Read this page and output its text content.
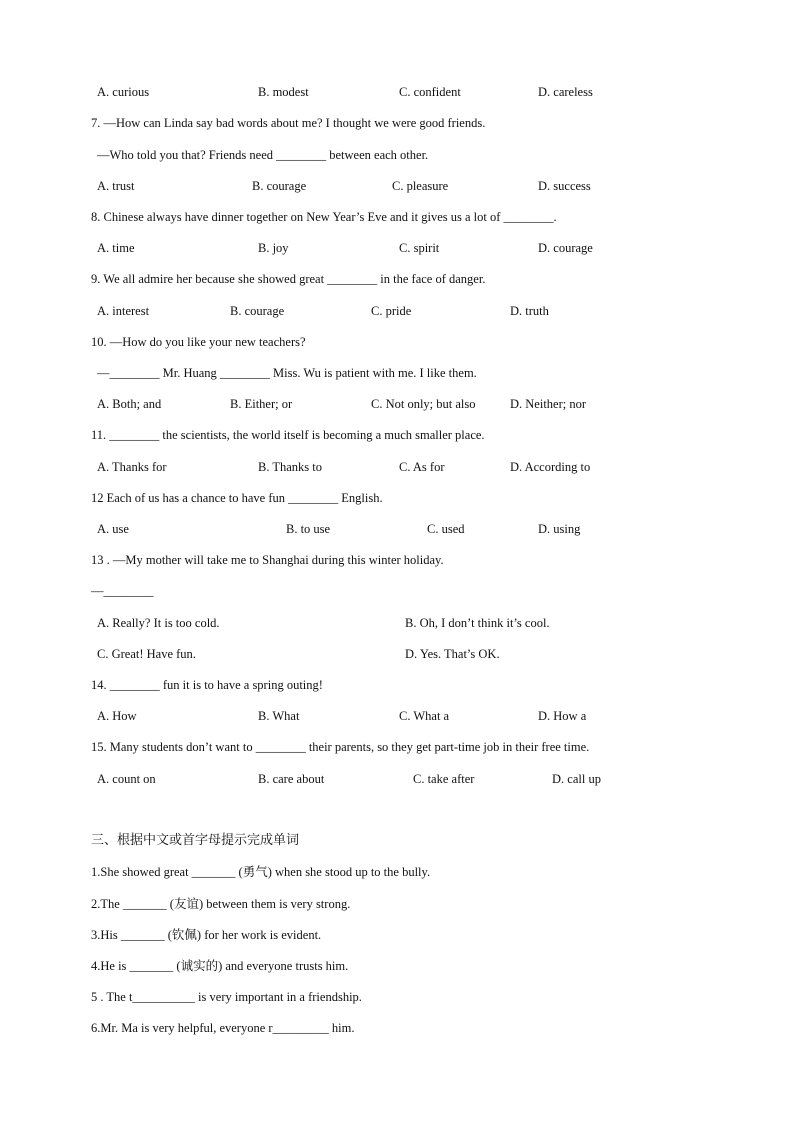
A. curious	B. modest	C. confident	D. careless
7. —How can Linda say bad words about me? I thought we were good friends.
—Who told you that? Friends need ________ between each other.
A. trust	B. courage	C. pleasure	D. success
8. Chinese always have dinner together on New Year’s Eve and it gives us a lot of ________.
A. time	B. joy	C. spirit	D. courage
9. We all admire her because she showed great ________ in the face of danger.
A. interest	B. courage	C. pride	D. truth
10. —How do you like your new teachers?
—________ Mr. Huang ________ Miss. Wu is patient with me. I like them.
A. Both; and	B. Either; or	C. Not only; but also	D. Neither; nor
11. ________ the scientists, the world itself is becoming a much smaller place.
A. Thanks for	B. Thanks to	C. As for	D. According to
12 Each of us has a chance to have fun ________ English.
A. use	B. to use	C. used	D. using
13 . —My mother will take me to Shanghai during this winter holiday.
—________
A. Really? It is too cold.	B. Oh, I don’t think it’s cool.
C. Great! Have fun.	D. Yes. That’s OK.
14. ________ fun it is to have a spring outing!
A. How	B. What	C. What a	D. How a
15. Many students don’t want to ________ their parents, so they get part-time job in their free time.
A. count on	B. care about	C. take after	D. call up
三、根据中文或首字母提示完成单词
1.She showed great _______ (勇气) when she stood up to the bully.
2.The _______ (友谊) between them is very strong.
3.His _______ (钦佩) for her work is evident.
4.He is _______ (诚实的) and everyone trusts him.
5 . The t__________ is very important in a friendship.
6.Mr. Ma is very helpful, everyone r_________ him.
